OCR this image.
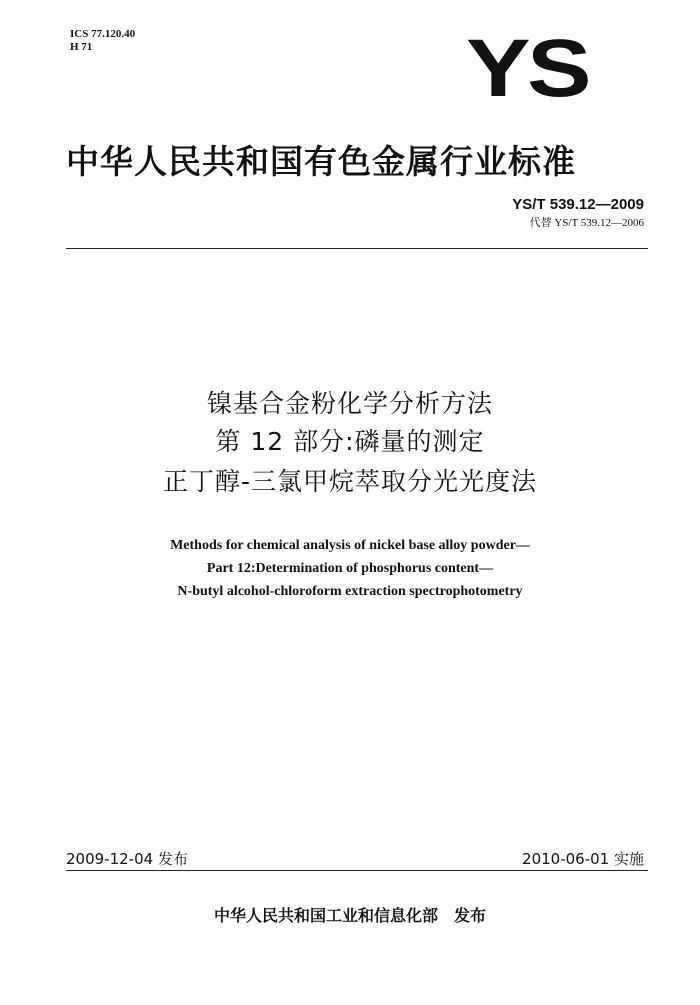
ICS 77.120.40
H 71	YS
中华人民共和国有色金属行业标准
YS/T 539.12—2009
代替 YS/T 539.12—2006
镍基合金粉化学分析方法
第 12 部分:磷量的测定
正丁醇-三氯甲烷萃取分光光度法
Methods for chemical analysis of nickel base alloy powder—
Part 12:Determination of phosphorus content—
N-butyl alcohol-chloroform extraction spectrophotometry
2009-12-04 发布	2010-06-01 实施
中华人民共和国工业和信息化部　发布
